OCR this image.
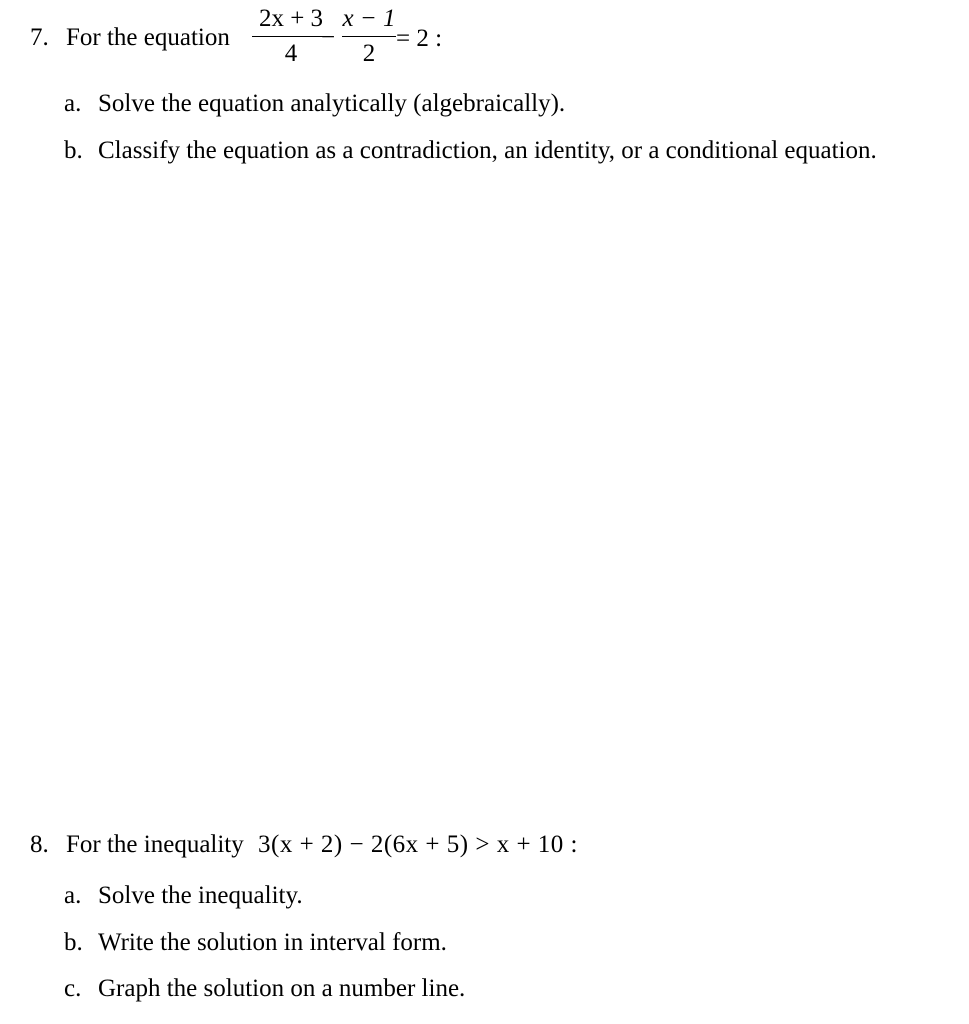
7. For the equation
2x + 3
4
−
x − 1
2
= 2 :
a. Solve the equation analytically (algebraically).
b. Classify the equation as a contradiction, an identity, or a conditional equation.
8. For the inequality 3(x + 2) − 2(6x + 5) > x + 10 :
a. Solve the inequality.
b. Write the solution in interval form.
c. Graph the solution on a number line.
